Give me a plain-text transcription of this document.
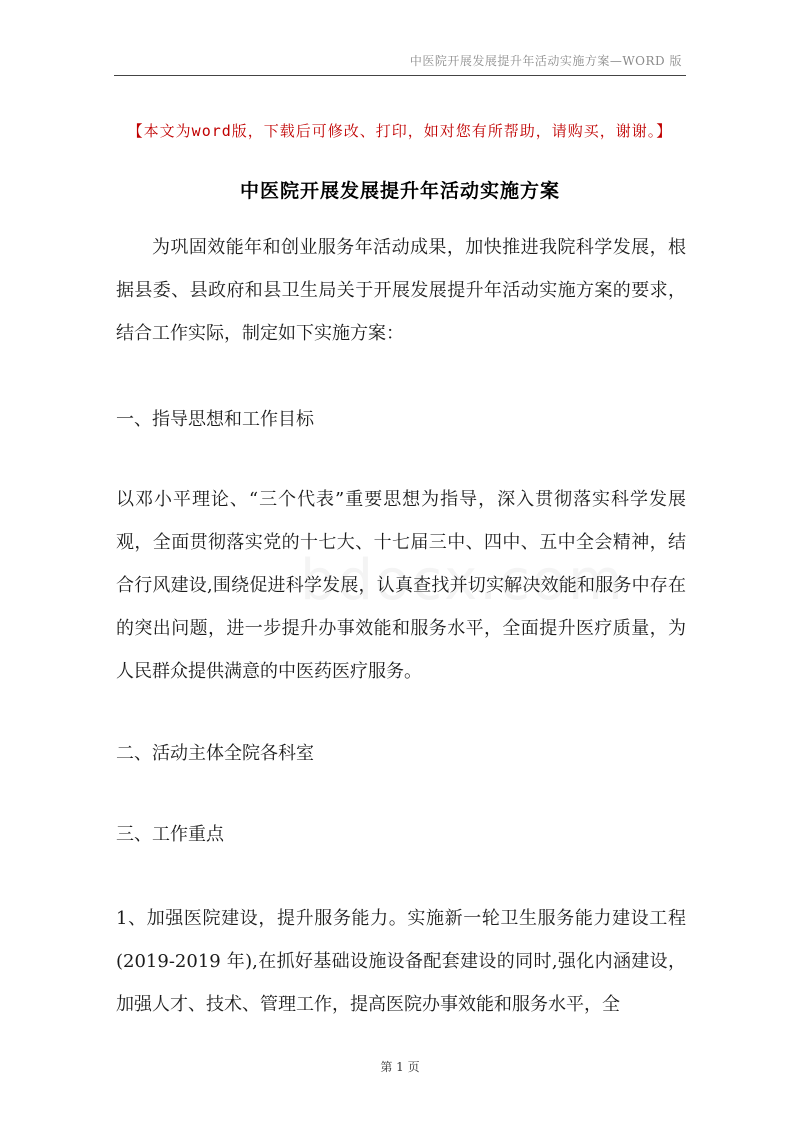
中医院开展发展提升年活动实施方案—WORD 版
【本文为word版，下载后可修改、打印，如对您有所帮助，请购买，谢谢。】
中医院开展发展提升年活动实施方案
为巩固效能年和创业服务年活动成果，加快推进我院科学发展，根据县委、县政府和县卫生局关于开展发展提升年活动实施方案的要求，结合工作实际，制定如下实施方案：
一、指导思想和工作目标
以邓小平理论、“三个代表”重要思想为指导，深入贯彻落实科学发展观，全面贯彻落实党的十七大、十七届三中、四中、五中全会精神，结合行风建设,围绕促进科学发展，认真查找并切实解决效能和服务中存在的突出问题，进一步提升办事效能和服务水平，全面提升医疗质量，为人民群众提供满意的中医药医疗服务。
二、活动主体全院各科室
三、工作重点
1、加强医院建设，提升服务能力。实施新一轮卫生服务能力建设工程(2019-2019 年),在抓好基础设施设备配套建设的同时,强化内涵建设，加强人才、技术、管理工作，提高医院办事效能和服务水平，全
第 1 页
